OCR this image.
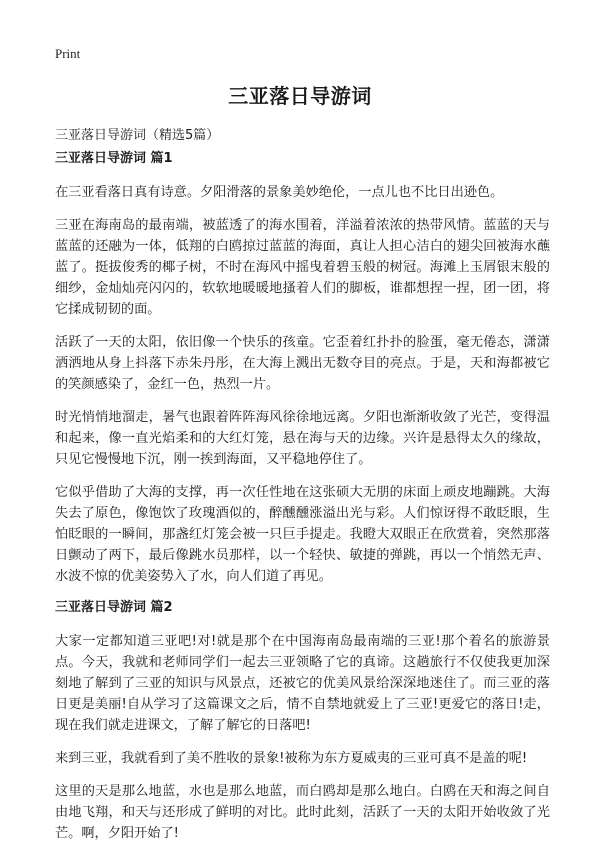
Print
三亚落日导游词
三亚落日导游词（精选5篇）
三亚落日导游词 篇1

在三亚看落日真有诗意。夕阳滑落的景象美妙绝伦，一点儿也不比日出逊色。

三亚在海南岛的最南端，被蓝透了的海水围着，洋溢着浓浓的热带风情。蓝蓝的天与蓝蓝的还融为一体，低翔的白鸥掠过蓝蓝的海面，真让人担心洁白的翅尖回被海水蘸蓝了。挺拔俊秀的椰子树，不时在海风中摇曳着碧玉般的树冠。海滩上玉屑银末般的细纱，金灿灿亮闪闪的，软软地暖暖地搔着人们的脚板，谁都想捏一捏，团一团，将它揉成韧韧的面。

活跃了一天的太阳，依旧像一个快乐的孩童。它歪着红扑扑的脸蛋，毫无倦态，潇潇洒洒地从身上抖落下赤朱丹彤，在大海上溅出无数夺目的亮点。于是，天和海都被它的笑颜感染了，金红一色，热烈一片。

时光悄悄地溜走，暑气也跟着阵阵海风徐徐地远离。夕阳也渐渐收敛了光芒，变得温和起来，像一直光焰柔和的大红灯笼，悬在海与天的边缘。兴许是悬得太久的缘故，只见它慢慢地下沉，刚一挨到海面，又平稳地停住了。

它似乎借助了大海的支撑，再一次任性地在这张硕大无朋的床面上顽皮地蹦跳。大海失去了原色，像饱饮了玫瑰酒似的，醉醺醺涨溢出光与彩。人们惊讶得不敢眨眼，生怕眨眼的一瞬间，那盏红灯笼会被一只巨手提走。我瞪大双眼正在欣赏着，突然那落日颤动了两下，最后像跳水员那样，以一个轻快、敏捷的弹跳，再以一个悄然无声、水波不惊的优美姿势入了水，向人们道了再见。

三亚落日导游词 篇2

大家一定都知道三亚吧!对!就是那个在中国海南岛最南端的三亚!那个着名的旅游景点。今天，我就和老师同学们一起去三亚领略了它的真谛。这趟旅行不仅使我更加深刻地了解到了三亚的知识与风景点，还被它的优美风景给深深地迷住了。而三亚的落日更是美丽!自从学习了这篇课文之后，情不自禁地就爱上了三亚!更爱它的落日!走，现在我们就走进课文，了解了解它的日落吧!

来到三亚，我就看到了美不胜收的景象!被称为东方夏威夷的三亚可真不是盖的呢!

这里的天是那么地蓝，水也是那么地蓝，而白鸥却是那么地白。白鸥在天和海之间自由地飞翔，和天与还形成了鲜明的对比。此时此刻，活跃了一天的太阳开始收敛了光芒。啊，夕阳开始了!
